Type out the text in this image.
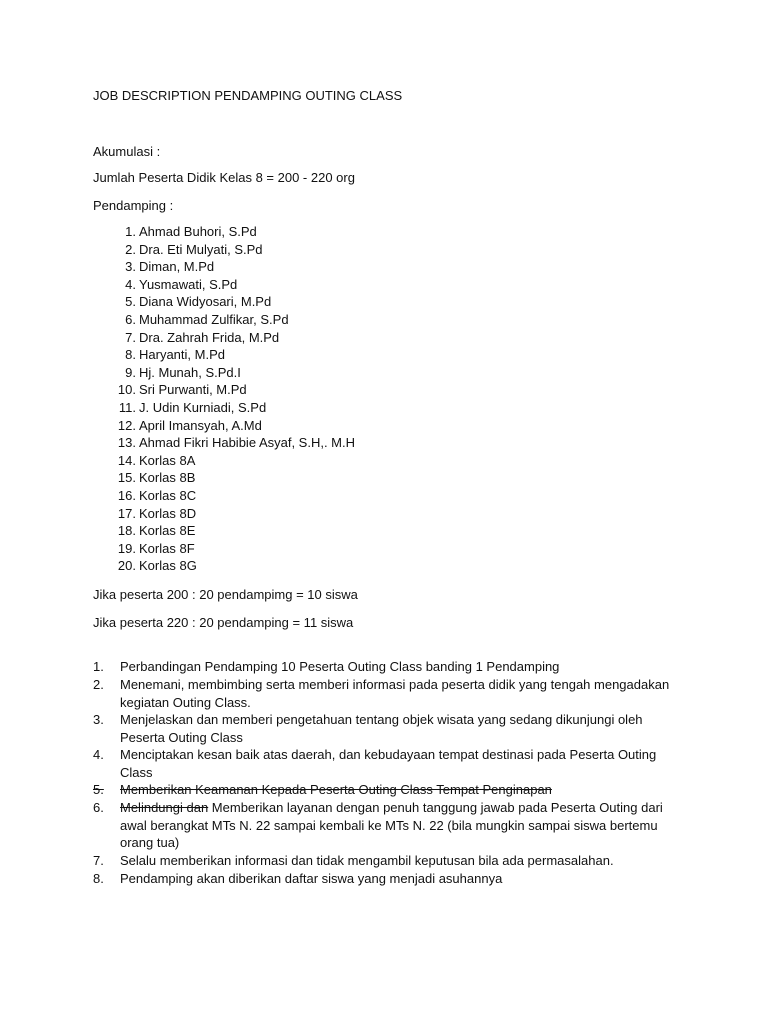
JOB DESCRIPTION PENDAMPING OUTING CLASS
Akumulasi :
Jumlah Peserta Didik Kelas 8 = 200 - 220 org
Pendamping :
1. Ahmad Buhori, S.Pd
2. Dra. Eti Mulyati, S.Pd
3. Diman, M.Pd
4. Yusmawati, S.Pd
5. Diana Widyosari, M.Pd
6. Muhammad Zulfikar, S.Pd
7. Dra. Zahrah Frida, M.Pd
8. Haryanti, M.Pd
9. Hj. Munah, S.Pd.I
10. Sri Purwanti, M.Pd
11. J. Udin Kurniadi, S.Pd
12. April Imansyah, A.Md
13. Ahmad Fikri Habibie Asyaf, S.H,. M.H
14. Korlas 8A
15. Korlas 8B
16. Korlas 8C
17. Korlas 8D
18. Korlas 8E
19. Korlas 8F
20. Korlas 8G
Jika peserta 200 : 20 pendampimg = 10 siswa
Jika peserta 220 : 20 pendamping = 11 siswa
1.	Perbandingan Pendamping 10 Peserta Outing Class banding 1 Pendamping
2.	Menemani, membimbing serta memberi informasi pada peserta didik yang tengah mengadakan kegiatan Outing Class.
3.	Menjelaskan dan memberi pengetahuan tentang objek wisata yang sedang dikunjungi oleh Peserta Outing Class
4.	Menciptakan kesan baik atas daerah, dan kebudayaan tempat destinasi pada Peserta Outing Class
5.	Memberikan Keamanan Kepada Peserta Outing Class Tempat Penginapan
6.	Melindungi dan Memberikan layanan dengan penuh tanggung jawab pada Peserta Outing dari awal berangkat MTs N. 22 sampai kembali ke MTs N. 22 (bila mungkin sampai siswa bertemu orang tua)
7.	Selalu memberikan informasi dan tidak mengambil keputusan bila ada permasalahan.
8.	Pendamping akan diberikan daftar siswa yang menjadi asuhannya
